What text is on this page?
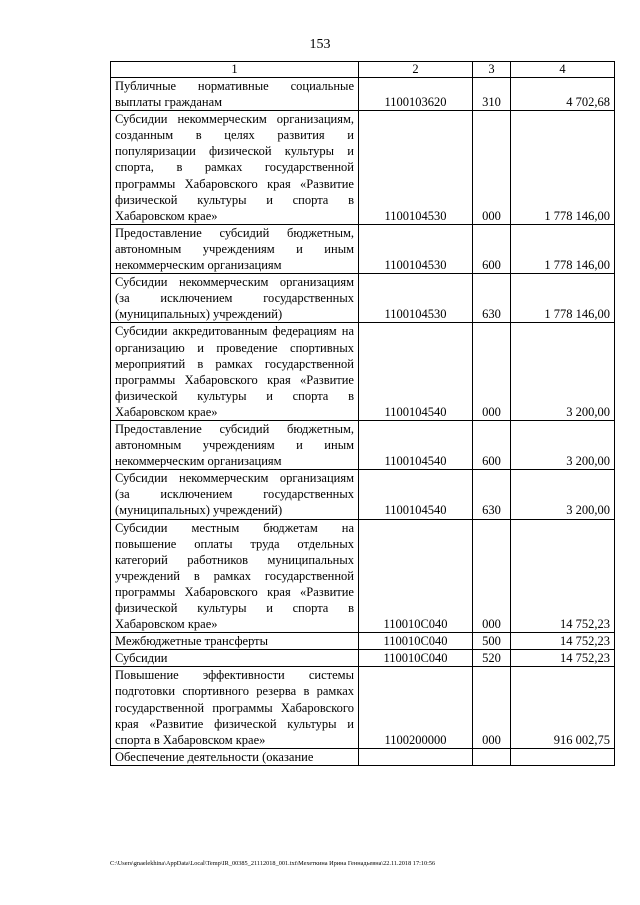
153
1	2	3	4
Публичные нормативные социальные выплаты гражданам	1100103620	310	4 702,68
Субсидии некоммерческим организациям, созданным в целях развития и популяризации физической культуры и спорта, в рамках государственной программы Хабаровского края «Развитие физической культуры и спорта в Хабаровском крае»	1100104530	000	1 778 146,00
Предоставление субсидий бюджетным, автономным учреждениям и иным некоммерческим организациям	1100104530	600	1 778 146,00
Субсидии некоммерческим организациям (за исключением государственных (муниципальных) учреждений)	1100104530	630	1 778 146,00
Субсидии аккредитованным федерациям на организацию и проведение спортивных мероприятий в рамках государственной программы Хабаровского края «Развитие физической культуры и спорта в Хабаровском крае»	1100104540	000	3 200,00
Предоставление субсидий бюджетным, автономным учреждениям и иным некоммерческим организациям	1100104540	600	3 200,00
Субсидии некоммерческим организациям (за исключением государственных (муниципальных) учреждений)	1100104540	630	3 200,00
Субсидии местным бюджетам на повышение оплаты труда отдельных категорий работников муниципальных учреждений в рамках государственной программы Хабаровского края «Развитие физической культуры и спорта в Хабаровском крае»	110010С040	000	14 752,23
Межбюджетные трансферты	110010С040	500	14 752,23
Субсидии	110010С040	520	14 752,23
Повышение эффективности системы подготовки спортивного резерва в рамках государственной программы Хабаровского края «Развитие физической культуры и спорта в Хабаровском крае»	1100200000	000	916 002,75
Обеспечение деятельности (оказание			
C:\Users\gnaelekhina\AppData\Local\Temp\IR_00385_21112018_001.txt\Мехеткина Ирина Геннадьевна\22.11.2018 17:10:56
